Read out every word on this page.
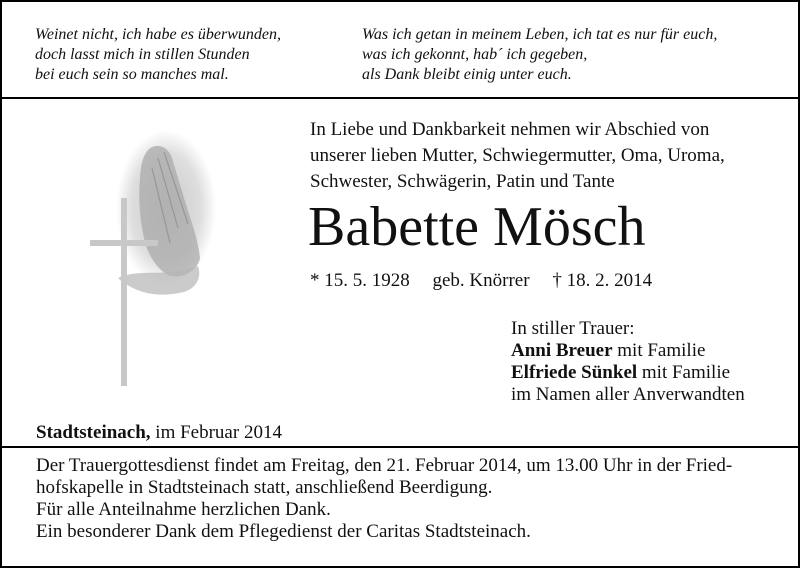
Weinet nicht, ich habe es überwunden,
doch lasst mich in stillen Stunden
bei euch sein so manches mal.
Was ich getan in meinem Leben, ich tat es nur für euch,
was ich gekonnt, hab´ ich gegeben,
als Dank bleibt einig unter euch.
In Liebe und Dankbarkeit nehmen wir Abschied von
unserer lieben Mutter, Schwiegermutter, Oma, Uroma,
Schwester, Schwägerin, Patin und Tante
Babette Mösch
* 15. 5. 1928 geb. Knörrer † 18. 2. 2014
In stiller Trauer:
Anni Breuer mit Familie
Elfriede Sünkel mit Familie
im Namen aller Anverwandten
Stadtsteinach, im Februar 2014
Der Trauergottesdienst findet am Freitag, den 21. Februar 2014, um 13.00 Uhr in der Fried-
hofskapelle in Stadtsteinach statt, anschließend Beerdigung.
Für alle Anteilnahme herzlichen Dank.
Ein besonderer Dank dem Pflegedienst der Caritas Stadtsteinach.
